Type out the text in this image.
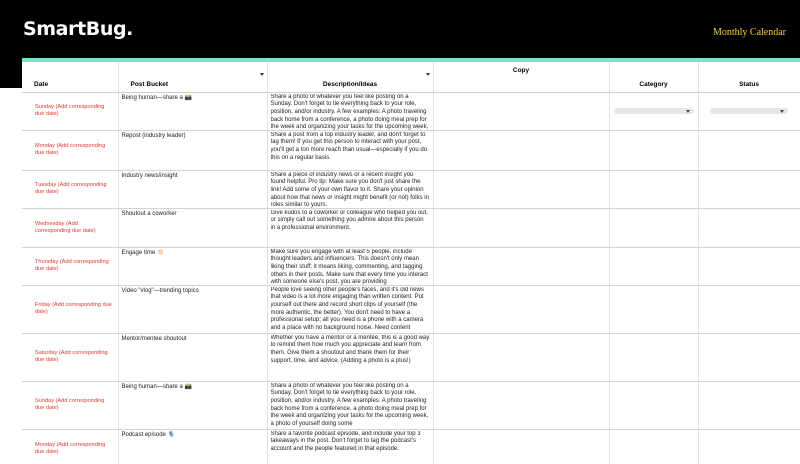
SmartBug.	Monthly Calendar
Date	Post Bucket	Description/Ideas	Copy	Category	Status
Sunday (Add corresponding due date)	Being human—share a 📸	Share a photo of whatever you feel like posting on a Sunday. Don't forget to tie everything back to your role, position, and/or industry. A few examples: A photo traveling back home from a conference, a photo doing meal prep for the week and organizing your tasks for the upcoming week,			

Monday (Add corresponding due date)	Repost (industry leader)	Share a post from a top industry leader, and don't forget to tag them! If you get this person to interact with your post, you'll get a ton more reach than usual—especially if you do this on a regular basis.			

Tuesday (Add corresponding due date)	Industry news/insight	Share a piece of industry news or a recent insight you found helpful. Pro tip: Make sure you don't just share the link! Add some of your own flavor to it. Share your opinion about how that news or insight might benefit (or not) folks in roles similar to yours.			

Wednesday (Add corresponding due date)	Shoutout a coworker	Give kudos to a coworker or colleague who helped you out, or simply call out something you admire about this person in a professional environment.			

Thursday (Add corresponding due date)	Engage time 👋🏻	Make sure you engage with at least 5 people, include thought leaders and influencers. This doesn't only mean liking their stuff; it means liking, commenting, and tagging others in their posts. Make sure that every time you interact with someone else's post, you are providing			

Friday (Add corresponding due date)	Video "vlog"—trending topics	People love seeing other people's faces, and it's old news that video is a lot more engaging than written content. Put yourself out there and record short clips of yourself (the more authentic, the better). You don't need to have a professional setup; all you need is a phone with a camera and a place with no background noise. Need content			

Saturday (Add corresponding due date)	Mentor/mentee shoutout	Whether you have a mentor or a mentee, this is a good way to remind them how much you appreciate and learn from them. Give them a shoutout and thank them for their support, time, and advice. (Adding a photo is a plus!)			

Sunday (Add corresponding due date)	Being human—share a 📸	Share a photo of whatever you feel like posting on a Sunday. Don't forget to tie everything back to your role, position, and/or industry. A few examples: A photo traveling back home from a conference, a photo doing meal prep for the week and organizing your tasks for the upcoming week, a photo of yourself doing some			

Monday (Add corresponding due date)	Podcast episode 🎙️	Share a favorite podcast episode, and include your top 3 takeaways in the post. Don't forget to tag the podcast's account and the people featured in that episode.			
